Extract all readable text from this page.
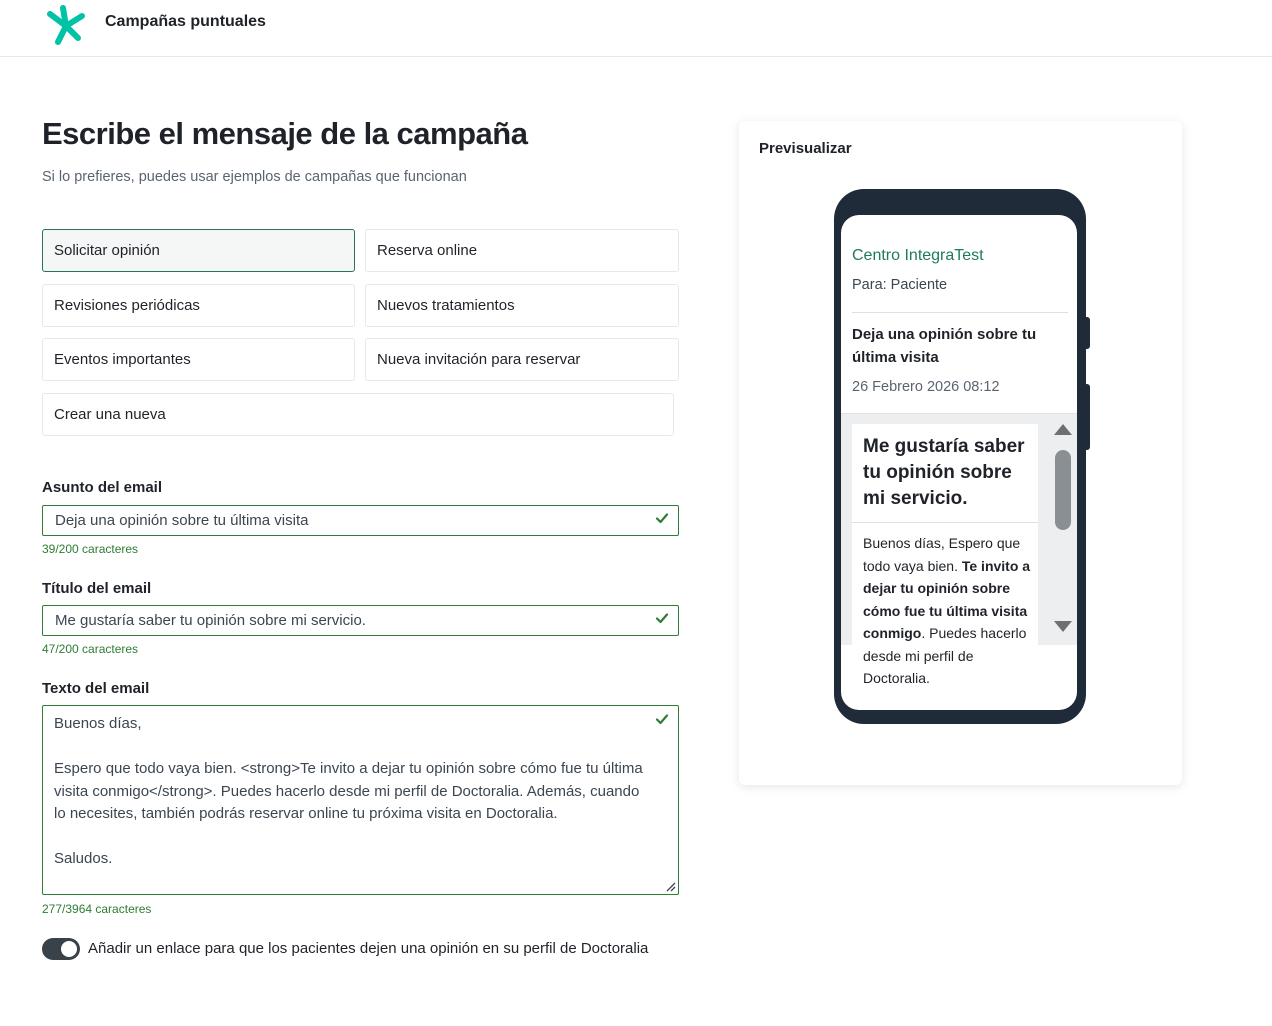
Campañas puntuales
Escribe el mensaje de la campaña
Si lo prefieres, puedes usar ejemplos de campañas que funcionan
Solicitar opinión	Reserva online
Revisiones periódicas	Nuevos tratamientos
Eventos importantes	Nueva invitación para reservar
Crear una nueva
Asunto del email
Deja una opinión sobre tu última visita
39/200 caracteres
Título del email
Me gustaría saber tu opinión sobre mi servicio.
47/200 caracteres
Texto del email
Buenos días,
Espero que todo vaya bien. <strong>Te invito a dejar tu opinión sobre cómo fue tu última
visita conmigo</strong>. Puedes hacerlo desde mi perfil de Doctoralia. Además, cuando
lo necesites, también podrás reservar online tu próxima visita en Doctoralia.
Saludos.
277/3964 caracteres
Añadir un enlace para que los pacientes dejen una opinión en su perfil de Doctoralia
Previsualizar
Centro IntegraTest
Para: Paciente
Deja una opinión sobre tu última visita
26 Febrero 2026 08:12
Me gustaría saber tu opinión sobre mi servicio.
Buenos días, Espero que todo vaya bien. Te invito a dejar tu opinión sobre cómo fue tu última visita conmigo. Puedes hacerlo desde mi perfil de Doctoralia.
